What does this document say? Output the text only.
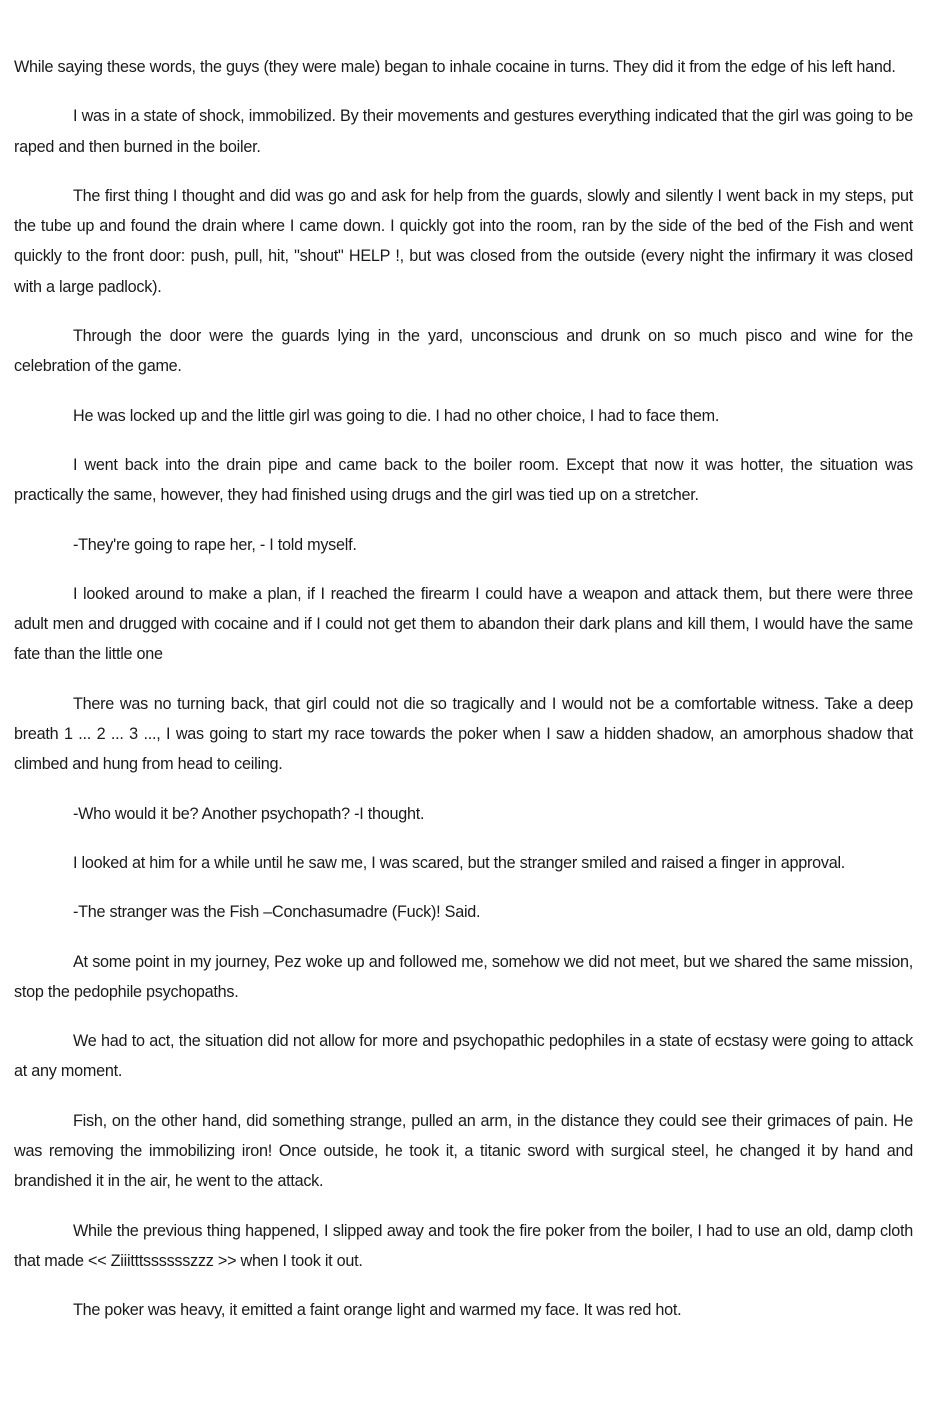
While saying these words, the guys (they were male) began to inhale cocaine in turns. They did it from the edge of his left hand.

I was in a state of shock, immobilized. By their movements and gestures everything indicated that the girl was going to be raped and then burned in the boiler.

The first thing I thought and did was go and ask for help from the guards, slowly and silently I went back in my steps, put the tube up and found the drain where I came down. I quickly got into the room, ran by the side of the bed of the Fish and went quickly to the front door: push, pull, hit, "shout" HELP !, but was closed from the outside (every night the infirmary it was closed with a large padlock).

Through the door were the guards lying in the yard, unconscious and drunk on so much pisco and wine for the celebration of the game.

He was locked up and the little girl was going to die. I had no other choice, I had to face them.

I went back into the drain pipe and came back to the boiler room. Except that now it was hotter, the situation was practically the same, however, they had finished using drugs and the girl was tied up on a stretcher.

-They're going to rape her, - I told myself.

I looked around to make a plan, if I reached the firearm I could have a weapon and attack them, but there were three adult men and drugged with cocaine and if I could not get them to abandon their dark plans and kill them, I would have the same fate than the little one

There was no turning back, that girl could not die so tragically and I would not be a comfortable witness. Take a deep breath 1 ... 2 ... 3 ..., I was going to start my race towards the poker when I saw a hidden shadow, an amorphous shadow that climbed and hung from head to ceiling.

-Who would it be? Another psychopath? -I thought.

I looked at him for a while until he saw me, I was scared, but the stranger smiled and raised a finger in approval.

-The stranger was the Fish –Conchasumadre (Fuck)! Said.

At some point in my journey, Pez woke up and followed me, somehow we did not meet, but we shared the same mission, stop the pedophile psychopaths.

We had to act, the situation did not allow for more and psychopathic pedophiles in a state of ecstasy were going to attack at any moment.

Fish, on the other hand, did something strange, pulled an arm, in the distance they could see their grimaces of pain. He was removing the immobilizing iron! Once outside, he took it, a titanic sword with surgical steel, he changed it by hand and brandished it in the air, he went to the attack.

While the previous thing happened, I slipped away and took the fire poker from the boiler, I had to use an old, damp cloth that made << Ziiitttsssssszzz >> when I took it out.

The poker was heavy, it emitted a faint orange light and warmed my face. It was red hot.
